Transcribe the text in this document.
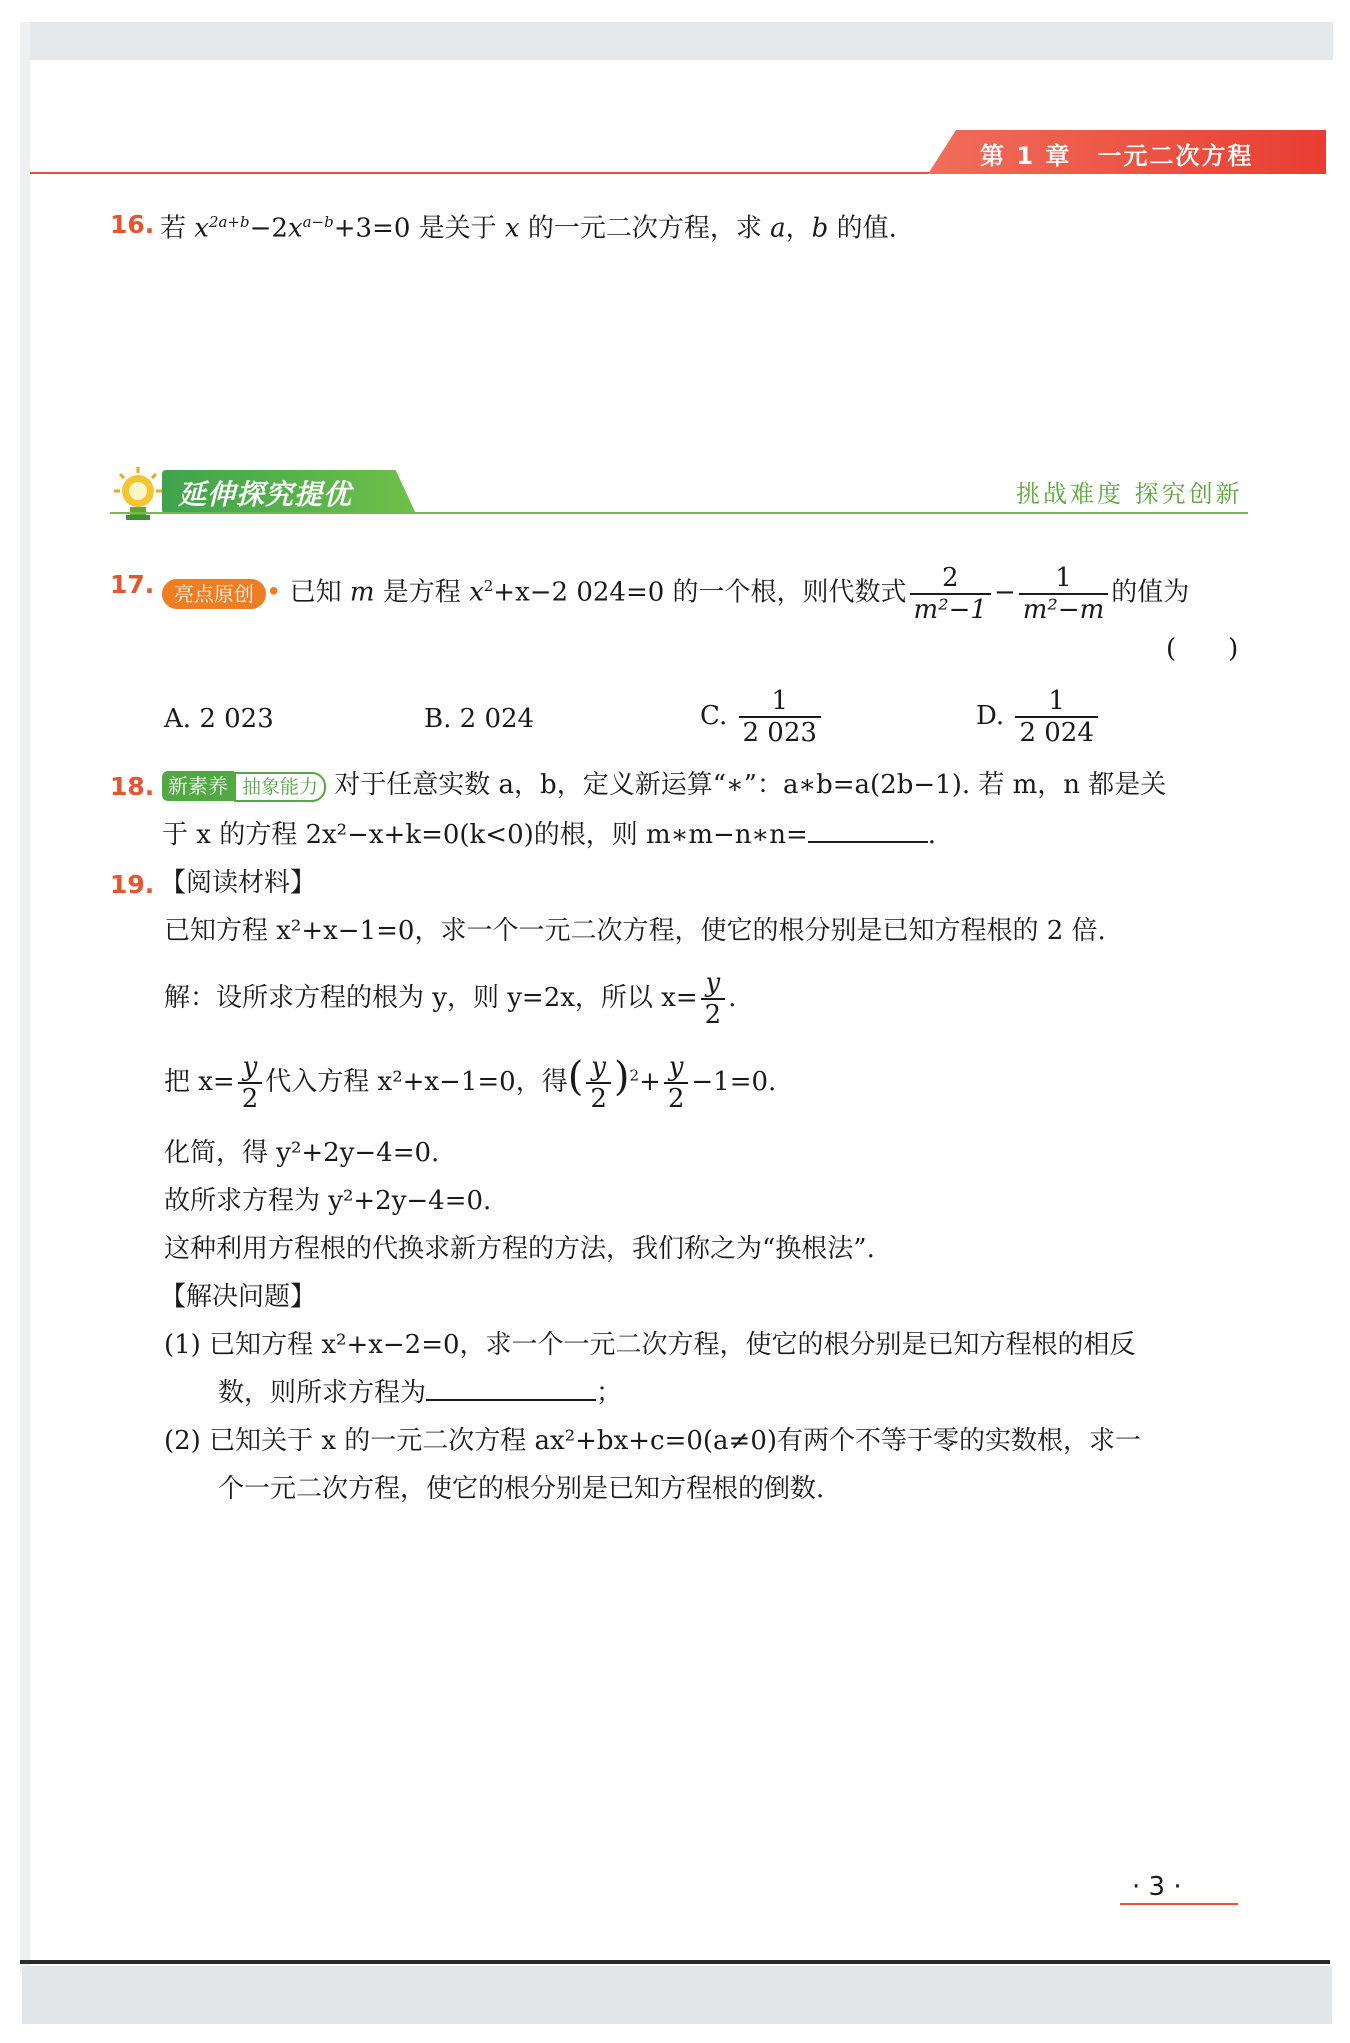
第 1 章　一元二次方程
16. 若 $x^{2a+b}-2x^{a-b}+3=0$ 是关于 x 的一元二次方程，求 a，b 的值.
延伸探究提优	挑战难度 探究创新
17. 亮点原创 • 已知 m 是方程 $x^2+x-2$ 024=0 的一个根，则代数式 $\frac{2}{\text{m²−1}} - \frac{1}{\text{m²−m}}$ 的值为
(　　)
A. 2 023	B. 2 024	C. $\frac{1}{2 023}$	D. $\frac{1}{2 024}$
18. 新素养 抽象能力 对于任意实数 a，b，定义新运算“∗”：a∗b=a(2b−1). 若 m，n 都是关
于 x 的方程 2x²−x+k=0(k<0)的根，则 m∗m−n∗n=	.
19. 【阅读材料】
已知方程 x²+x−1=0，求一个一元二次方程，使它的根分别是已知方程根的 2 倍.
解：设所求方程的根为 y，则 y=2x，所以 $x= \frac{y}{2}$ .
把 $x= \frac{y}{2}$ 代入方程 x²+x−1=0，得( $\frac{y}{2} )^2+ \frac{y}{2} -1=0$.
化简，得 y²+2y−4=0.
故所求方程为 y²+2y−4=0.
这种利用方程根的代换求新方程的方法，我们称之为“换根法”.
【解决问题】
(1) 已知方程 x²+x−2=0，求一个一元二次方程，使它的根分别是已知方程根的相反
数，则所求方程为	；
(2) 已知关于 x 的一元二次方程 ax²+bx+c=0(a≠0)有两个不等于零的实数根，求一
个一元二次方程，使它的根分别是已知方程根的倒数.
· 3 ·
